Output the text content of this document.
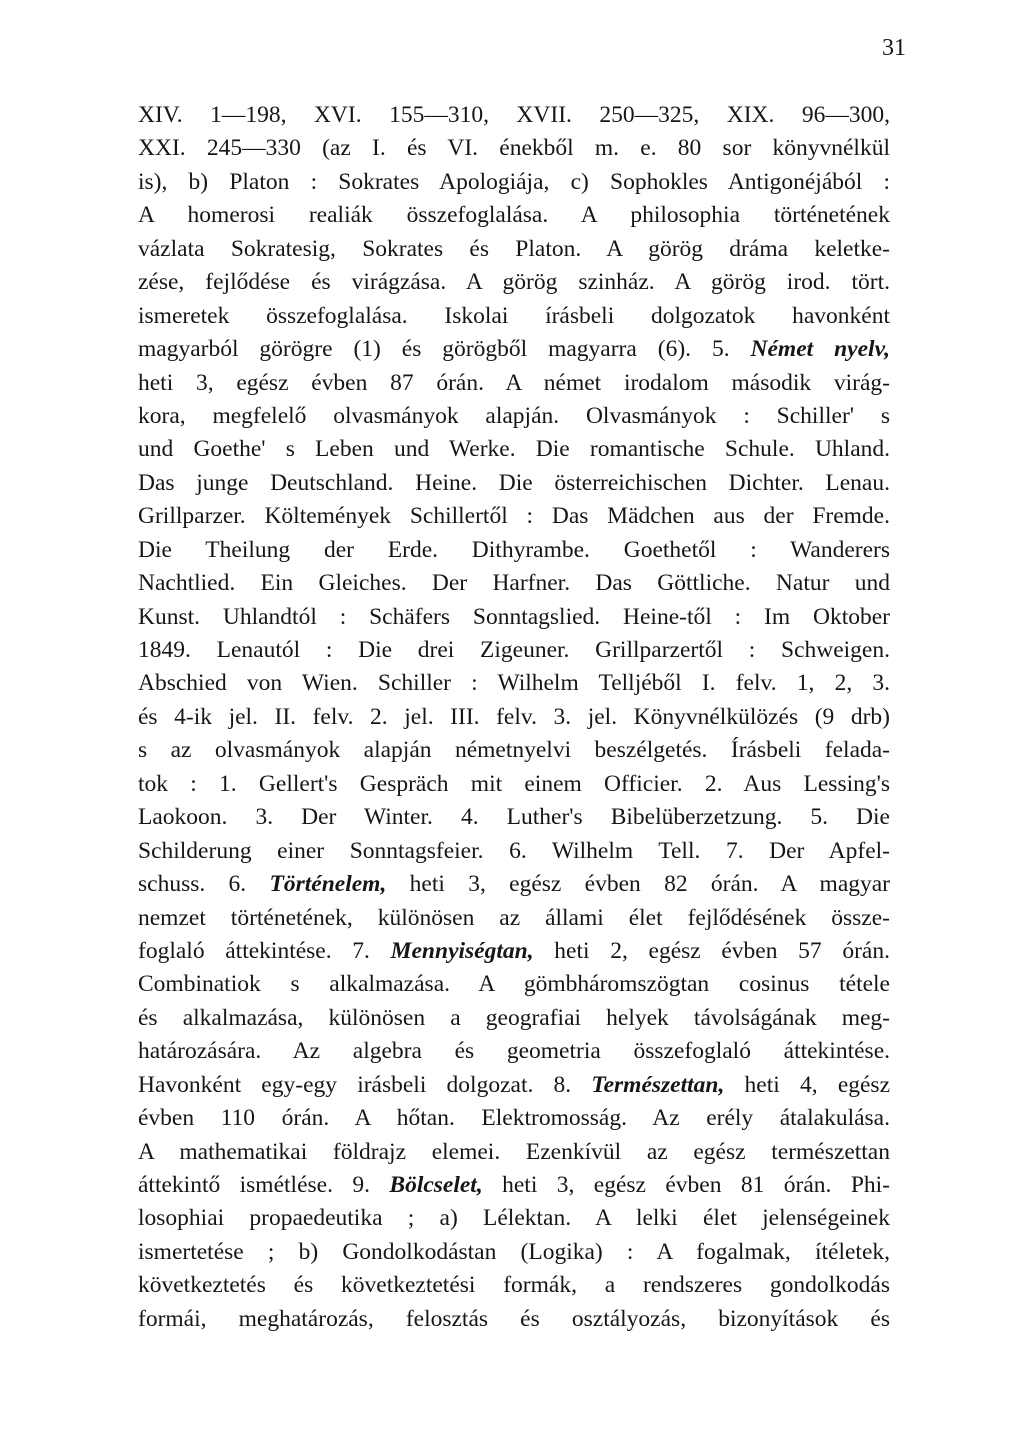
31
XIV. 1—198, XVI. 155—310, XVII. 250—325, XIX. 96—300,
XXI. 245—330 (az I. és VI. énekből m. e. 80 sor könyvnélkül
is), b) Platon : Sokrates Apologiája, c) Sophokles Antigonéjából :
A homerosi realiák összefoglalása. A philosophia történetének
vázlata Sokratesig, Sokrates és Platon. A görög dráma keletke-
zése, fejlődése és virágzása. A görög szinház. A görög irod. tört.
ismeretek összefoglalása. Iskolai írásbeli dolgozatok havonként
magyarból görögre (1) és görögből magyarra (6). 5. Német nyelv,
heti 3, egész évben 87 órán. A német irodalom második virág-
kora, megfelelő olvasmányok alapján. Olvasmányok : Schiller' s
und Goethe' s Leben und Werke. Die romantische Schule. Uhland.
Das junge Deutschland. Heine. Die österreichischen Dichter. Lenau.
Grillparzer. Költemények Schillertől : Das Mädchen aus der Fremde.
Die Theilung der Erde. Dithyrambe. Goethetől : Wanderers
Nachtlied. Ein Gleiches. Der Harfner. Das Göttliche. Natur und
Kunst. Uhlandtól : Schäfers Sonntagslied. Heine-től : Im Oktober
1849. Lenautól : Die drei Zigeuner. Grillparzertől : Schweigen.
Abschied von Wien. Schiller : Wilhelm Telljéből I. felv. 1, 2, 3.
és 4-ik jel. II. felv. 2. jel. III. felv. 3. jel. Könyvnélkülözés (9 drb)
s az olvasmányok alapján németnyelvi beszélgetés. Írásbeli felada-
tok : 1. Gellert's Gespräch mit einem Officier. 2. Aus Lessing's
Laokoon. 3. Der Winter. 4. Luther's Bibelüberzetzung. 5. Die
Schilderung einer Sonntagsfeier. 6. Wilhelm Tell. 7. Der Apfel-
schuss. 6. Történelem, heti 3, egész évben 82 órán. A magyar
nemzet történetének, különösen az állami élet fejlődésének össze-
foglaló áttekintése. 7. Mennyiségtan, heti 2, egész évben 57 órán.
Combinatiok s alkalmazása. A gömbháromszögtan cosinus tétele
és alkalmazása, különösen a geografiai helyek távolságának meg-
határozására. Az algebra és geometria összefoglaló áttekintése.
Havonként egy-egy irásbeli dolgozat. 8. Természettan, heti 4, egész
évben 110 órán. A hőtan. Elektromosság. Az erély átalakulása.
A mathematikai földrajz elemei. Ezenkívül az egész természettan
áttekintő ismétlése. 9. Bölcselet, heti 3, egész évben 81 órán. Phi-
losophiai propaedeutika ; a) Lélektan. A lelki élet jelenségeinek
ismertetése ; b) Gondolkodástan (Logika) : A fogalmak, ítéletek,
következtetés és következtetési formák, a rendszeres gondolkodás
formái, meghatározás, felosztás és osztályozás, bizonyítások és
